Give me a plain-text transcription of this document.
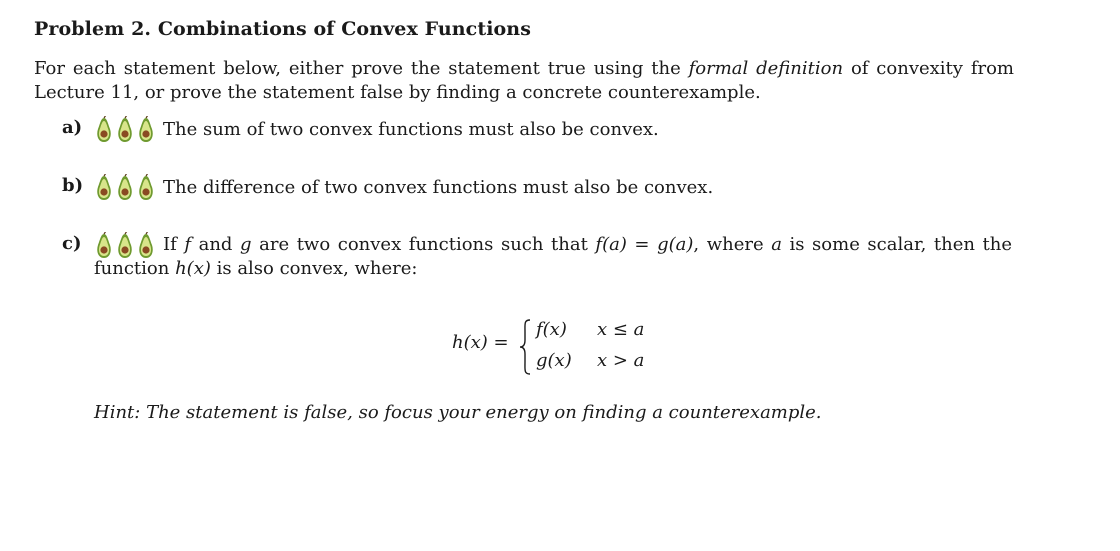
Problem 2. Combinations of Convex Functions
For each statement below, either prove the statement true using the formal definition of convexity from Lecture 11, or prove the statement false by finding a concrete counterexample.
a)	The sum of two convex functions must also be convex.
b)	The difference of two convex functions must also be convex.
c)	If f and g are two convex functions such that f(a) = g(a), where a is some scalar, then the
function h(x) is also convex, where:
h(x) =
f(x) x ≤ a
g(x) x > a
Hint: The statement is false, so focus your energy on finding a counterexample.
